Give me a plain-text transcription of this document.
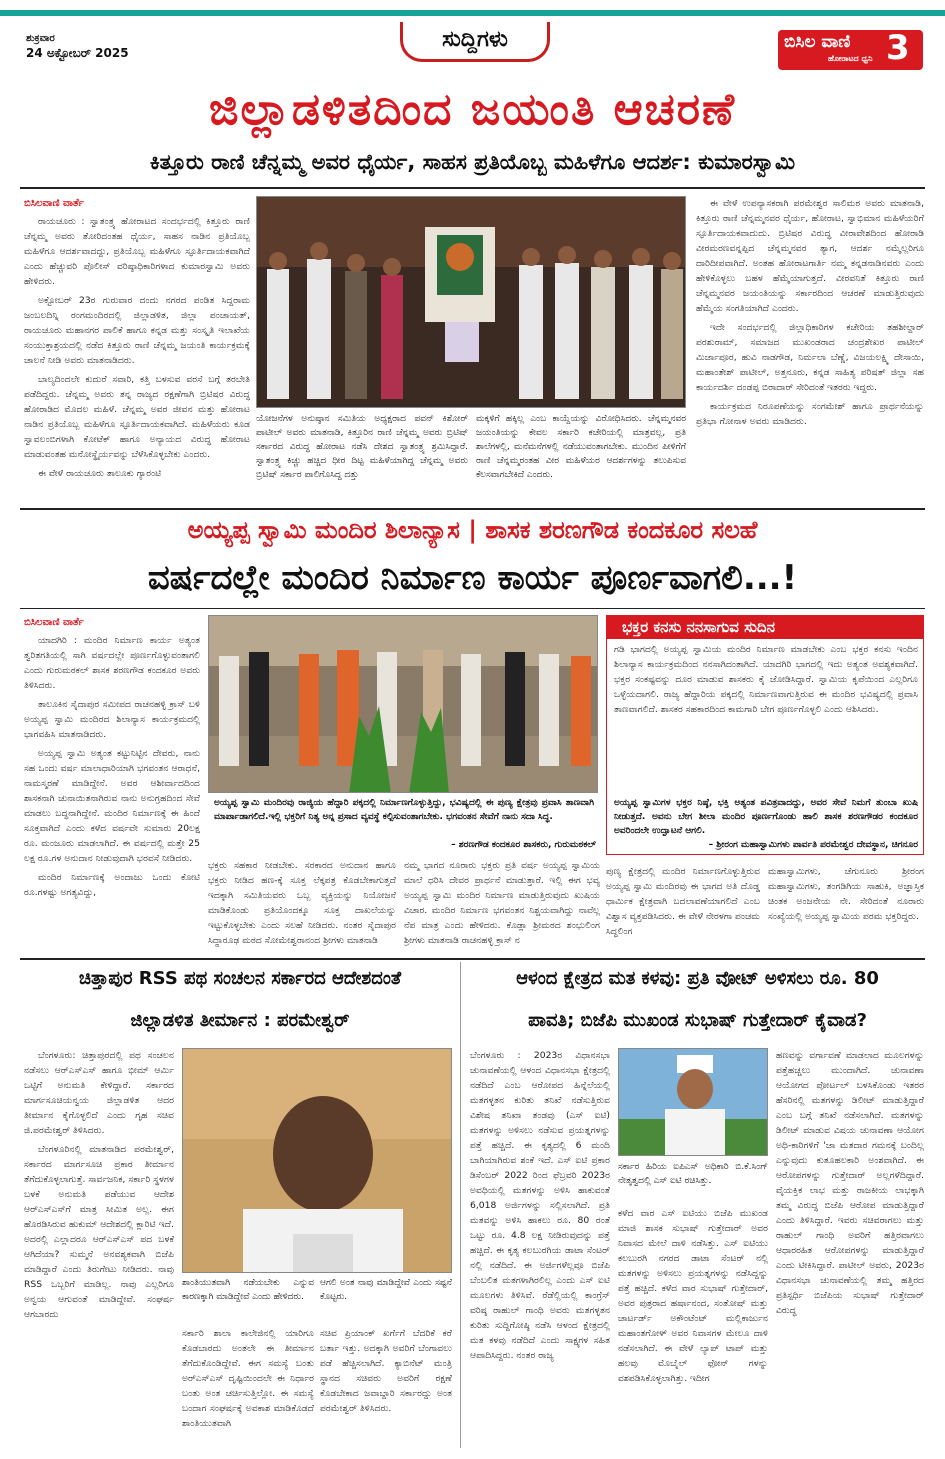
ಶುಕ್ರವಾರ
24 ಅಕ್ಟೋಬರ್ 2025
ಸುದ್ದಿಗಳು	ಬಿಸಿಲ ವಾಣಿ
ಹೋರಾಟದ ಧ್ವನಿ 3
ಜಿಲ್ಲಾಡಳಿತದಿಂದ ಜಯಂತಿ ಆಚರಣೆ
ಕಿತ್ತೂರು ರಾಣಿ ಚೆನ್ನಮ್ಮ ಅವರ ಧೈರ್ಯ, ಸಾಹಸ ಪ್ರತಿಯೊಬ್ಬ ಮಹಿಳೆಗೂ ಆದರ್ಶ: ಕುಮಾರಸ್ವಾಮಿ
ಬಿಸಿಲವಾಣಿ ವಾರ್ತೆ

ರಾಯಚೂರು : ಸ್ವಾತಂತ್ರ್ಯ ಹೋರಾಟದ ಸಂದರ್ಭದಲ್ಲಿ ಕಿತ್ತೂರು ರಾಣಿ ಚೆನ್ನಮ್ಮ ಅವರು ತೋರಿದಂತಹ ಧೈರ್ಯ, ಸಾಹಸ ನಾಡಿನ ಪ್ರತಿಯೊಬ್ಬ ಮಹಿಳೆಗೂ ಆದರ್ಶವಾದದ್ದು, ಪ್ರತಿಯೊಬ್ಬ ಮಹಿಳೆಗೂ ಸ್ಫೂರ್ತಿದಾಯಕವಾಗಿದೆ ಎಂದು ಹೆಚ್ಚುವರಿ ಪೊಲೀಸ್ ವರಿಷ್ಠಾಧಿಕಾರಿಗಳಾದ ಕುಮಾರಸ್ವಾಮಿ ಅವರು ಹೇಳಿದರು.

ಅಕ್ಟೋಬರ್ 23ರ ಗುರುವಾರ ದಂದು ನಗರದ ಪಂಡಿತ ಸಿದ್ದರಾಮ ಜಂಬಲದಿನ್ನಿ ರಂಗಮಂದಿರದಲ್ಲಿ ಜಿಲ್ಲಾಡಳಿತ, ಜಿಲ್ಲಾ ಪಂಚಾಯತ್, ರಾಯಚೂರು ಮಹಾನಗರ ಪಾಲಿಕೆ ಹಾಗೂ ಕನ್ನಡ ಮತ್ತು ಸಂಸ್ಕೃತಿ ಇಲಾಖೆಯ ಸಂಯುಕ್ತಾಶ್ರಯದಲ್ಲಿ ನಡೆದ ಕಿತ್ತೂರು ರಾಣಿ ಚೆನ್ನಮ್ಮ ಜಯಂತಿ ಕಾರ್ಯಕ್ರಮಕ್ಕೆ ಚಾಲನೆ ನೀಡಿ ಅವರು ಮಾತನಾಡಿದರು.

ಬಾಲ್ಯದಿಂದಲೇ ಕುದುರೆ ಸವಾರಿ, ಕತ್ತಿ ಬಳಸುವ ವರಸೆ ಬಗ್ಗೆ ತರಬೇತಿ ಪಡೆದಿದ್ದರು. ಚೆನ್ನಮ್ಮ ಅವರು ತನ್ನ ರಾಜ್ಯದ ರಕ್ಷಣೆಗಾಗಿ ಬ್ರಿಟಿಷರ ವಿರುದ್ಧ ಹೋರಾಡಿದ ಮೊದಲ ಮಹಿಳೆ. ಚೆನ್ನಮ್ಮ ಅವರ ಜೀವನ ಮತ್ತು ಹೋರಾಟ ನಾಡಿನ ಪ್ರತಿಯೊಬ್ಬ ಮಹಿಳೆಗೂ ಸ್ಫೂರ್ತಿದಾಯಕವಾಗಿದೆ. ಮಹಿಳೆಯರು ಕೂಡ ಸ್ವಾವಲಂಬಿಗಳಾಗಿ ಕೋಟೆಕ್ ಹಾಗೂ ಅನ್ಯಾಯದ ವಿರುದ್ಧ ಹೋರಾಟ ಮಾಡುವಂತಹ ಮನೋಸ್ಥೈರ್ಯವನ್ನು ಬೆಳೆಸಿಕೊಳ್ಳಬೇಕು ಎಂದರು.

ಈ ವೇಳೆ ರಾಯಚೂರು ತಾಲೂಕು ಗ್ಯಾರಂಟಿ

ಯೋಜನೆಗಳ ಅನುಷ್ಠಾನ ಸಮಿತಿಯ ಅಧ್ಯಕ್ಷರಾದ ಪವನ್ ಕಿಶೋರ್ ಪಾಟೀಲ್ ಅವರು ಮಾತನಾಡಿ, ಕಿತ್ತೂರಿನ ರಾಣಿ ಚೆನ್ನಮ್ಮ ಅವರು ಬ್ರಿಟಿಷ್ ಸರ್ಕಾರದ ವಿರುದ್ಧ ಹೋರಾಟ ನಡೆಸಿ ದೇಶದ ಸ್ವಾತಂತ್ರ್ಯ ಶ್ರಮಿಸಿದ್ದಾರೆ. ಸ್ವಾತಂತ್ರ್ಯ ಕಿಚ್ಚು ಹಚ್ಚಿದ ಧೀರ ದಿಟ್ಟ ಮಹಿಳೆಯಾಗಿದ್ದ ಚೆನ್ನಮ್ಮ ಅವರು ಬ್ರಿಟಿಷ್ ಸರ್ಕಾರ ಪಾಲಿಗೊಸಿದ್ದ ದತ್ತು
ಮಕ್ಕಳಿಗೆ ಹಕ್ಕಿಲ್ಲ ಎಂಬ ಕಾಯ್ದೆಯನ್ನು ವಿರೋಧಿಸಿದರು. ಚೆನ್ನಮ್ಮನವರ ಜಯಂತಿಯನ್ನು ಕೇವಲ ಸರ್ಕಾರಿ ಕಚೇರಿಯಲ್ಲಿ ಮಾತ್ರವಲ್ಲ, ಪ್ರತಿ ಶಾಲೆಗಳಲ್ಲಿ, ಮನೆಮನೆಗಳಲ್ಲಿ ನಡೆಯುವಂತಾಗಬೇಕು. ಮುಂದಿನ ಪೀಳಿಗೆಗೆ ರಾಣಿ ಚೆನ್ನಮ್ಮರಂತಹ ವೀರ ಮಹಿಳೆಯರ ಆದರ್ಶಗಳನ್ನು ತಲುಪಿಸುವ ಕೆಲಸವಾಗಬೇಕಿದೆ ಎಂದರು.

ಈ ವೇಳೆ ಉಪನ್ಯಾಸಕರಾಗಿ ಪರಮೇಶ್ವರ ಸಾಲಿಮಠ ಅವರು ಮಾತನಾಡಿ, ಕಿತ್ತೂರು ರಾಣಿ ಚೆನ್ನಮ್ಮನವರ ಧೈರ್ಯ, ಹೋರಾಟ, ಸ್ವಾಭಿಮಾನ ಮಹಿಳೆಯರಿಗೆ ಸ್ಫೂರ್ತಿದಾಯಕವಾದುದು. ಬ್ರಿಟಿಷರ ವಿರುದ್ಧ ವೀರಾವೇಶದಿಂದ ಹೋರಾಡಿ ವೀರಮರಣವನ್ನಪ್ಪಿದ ಚೆನ್ನಮ್ಮನವರ ತ್ಯಾಗ, ಆದರ್ಶ ನಮ್ಮೆಲ್ಲರಿಗೂ ದಾರಿದೀಪವಾಗಿದೆ. ಅಂತಹ ಹೋರಾಟಗಾರ್ತಿ ನಮ್ಮ ಕನ್ನಡನಾಡಿನವರು ಎಂದು ಹೇಳಿಕೊಳ್ಳಲು ಬಹಳ ಹೆಮ್ಮೆಯಾಗುತ್ತದೆ. ವೀರವನಿತೆ ಕಿತ್ತೂರು ರಾಣಿ ಚೆನ್ನಮ್ಮನವರ ಜಯಂತಿಯನ್ನು ಸರ್ಕಾರದಿಂದ ಆಚರಣೆ ಮಾಡುತ್ತಿರುವುದು ಹೆಮ್ಮೆಯ ಸಂಗತಿಯಾಗಿದೆ ಎಂದರು.

ಇದೇ ಸಂದರ್ಭದಲ್ಲಿ ಜಿಲ್ಲಾಧಿಕಾರಿಗಳ ಕಚೇರಿಯ ತಹಶೀಲ್ದಾರ್ ಪರಶುರಾಮ್, ಸಮಾಜದ ಮುಖಂಡರಾದ ಚಂದ್ರಶೇಖರ ಪಾಟೀಲ್ ಮಿರ್ಜಾಪೂರ, ಹುವಿ ನಾಡಗೌಡ, ನಿರ್ಮಲಾ ಬೆಣ್ಣೆ, ವಿಜಯಲಕ್ಷ್ಮಿ ದೇಸಾಯಿ, ಮಹಾಂತೇಶ್ ಪಾಟೀಲ್, ಅತ್ತನೂರು, ಕನ್ನಡ ಸಾಹಿತ್ಯ ಪರಿಷತ್ ಜಿಲ್ಲಾ ಸಹ ಕಾರ್ಯದರ್ಶಿ ದಂಡಪ್ಪ ಬಿರಾದಾರ್ ಸೇರಿದಂತೆ ಇತರರು ಇದ್ದರು.

ಕಾರ್ಯಕ್ರಮದ ನಿರೂಪಣೆಯನ್ನು ಸಂಗಮೇಶ್ ಹಾಗೂ ಪ್ರಾರ್ಥನೆಯನ್ನು ಪ್ರತಿಭಾ ಗೋನಾಳ ಅವರು ಮಾಡಿದರು.

ಅಯ್ಯಪ್ಪ ಸ್ವಾಮಿ ಮಂದಿರ ಶಿಲಾನ್ಯಾಸ | ಶಾಸಕ ಶರಣಗೌಡ ಕಂದಕೂರ ಸಲಹೆ
ವರ್ಷದಲ್ಲೇ ಮಂದಿರ ನಿರ್ಮಾಣ ಕಾರ್ಯ ಪೂರ್ಣವಾಗಲಿ...!
ಬಿಸಿಲವಾಣಿ ವಾರ್ತೆ

ಯಾದಗಿರಿ : ಮಂದಿರ ನಿರ್ಮಾಣ ಕಾರ್ಯ ಅತ್ಯಂತ ತ್ವರಿತಗತಿಯಲ್ಲಿ ಸಾಗಿ ವರ್ಷದಲ್ಲೇ ಪೂರ್ಣಗೊಳ್ಳುವಂತಾಗಲಿ ಎಂದು ಗುರುಮಠಕಲ್ ಶಾಸಕ ಶರಣಗೌಡ ಕಂದಕೂರ ಅವರು ತಿಳಿಸಿದರು.

ತಾಲೂಕಿನ ಸೈದಾಪುರ ಸಮೀಪದ ರಾಚನಹಳ್ಳಿ ಕ್ರಾಸ್ ಬಳಿ ಅಯ್ಯಪ್ಪ ಸ್ವಾಮಿ ಮಂದಿರದ ಶಿಲಾನ್ಯಾಸ ಕಾರ್ಯಕ್ರಮದಲ್ಲಿ ಭಾಗವಹಿಸಿ ಮಾತನಾಡಿದರು.

ಅಯ್ಯಪ್ಪ ಸ್ವಾಮಿ ಅತ್ಯಂತ ಕಟ್ಟುನಿಟ್ಟಿನ ದೇವರು, ನಾನು ಸಹ ಒಂದು ವರ್ಷ ಮಾಲಾಧಾರಿಯಾಗಿ ಭಗವಂತನ ಆರಾಧನೆ, ನಾಮಸ್ಮರಣೆ ಮಾಡಿದ್ದೇನೆ. ಅವರ ಆಶೀರ್ವಾದದಿಂದ ಶಾಸಕನಾಗಿ ಚುನಾಯಿತನಾಗಿರುವ ನಾನು ಅನುಗ್ರಹದಿಂದ ಸೇವೆ ಮಾಡಲು ಬದ್ಧನಾಗಿದ್ದೇನೆ. ಮಂದಿರ ನಿರ್ಮಾಣಕ್ಕೆ ಈ ಹಿಂದೆ ಸೂಕ್ತವಾಗಿದೆ ಎಂದು ಕಳೆದ ವರ್ಷವೇ ಸುಮಾರು 20ಲಕ್ಷ ರೂ. ಮಂಜೂರು ಮಾಡಲಾಗಿದೆ. ಈ ವರ್ಷದಲ್ಲಿ ಮತ್ತೇ 25 ಲಕ್ಷ ರೂ.ಗಳ ಅನುದಾನ ನೀಡುವುದಾಗಿ ಭರವಸೆ ನೀಡಿದರು.

ಮಂದಿರ ನಿರ್ಮಾಣಕ್ಕೆ ಅಂದಾಜು ಒಂದು ಕೋಟಿ ರೂ.ಗಳಷ್ಟು ಅಗತ್ಯವಿದ್ದು,

ಅಯ್ಯಪ್ಪ ಸ್ವಾಮಿ ಮಂದಿರವು ರಾಜ್ಯಿಯ ಹೆದ್ದಾರಿ ಪಕ್ಕದಲ್ಲಿ ನಿರ್ಮಾಣಗೊಳ್ಳುತ್ತಿದ್ದು, ಭವಿಷ್ಯದಲ್ಲಿ ಈ ಪುಣ್ಯ ಕ್ಷೇತ್ರವು ಪ್ರವಾಸಿ ತಾಣವಾಗಿ ಮಾರ್ಪಾಡಾಗಲಿದೆ.ಇಲ್ಲಿ ಭಕ್ತರಿಗೆ ನಿತ್ಯ ಅನ್ನ ಪ್ರಸಾದ ವ್ಯವಸ್ಥೆ ಕಲ್ಪಿಸುವಂತಾಗಬೇಕು. ಭಗವಂತನ ಸೇವೆಗೆ ನಾನು ಸದಾ ಸಿದ್ಧ.
– ಶರಣಗೌಡ ಕಂದಕೂರ ಶಾಸಕರು, ಗುರುಮಠಕಲ್
ಭಕ್ತರು ಸಹಕಾರ ನೀಡಬೇಕು. ಸರಕಾರದ ಅನುದಾನ ಹಾಗೂ ಭಕ್ತರು ನೀಡಿದ ಹಣ-ಕ್ಕೆ ಸೂಕ್ತ ಲೆಕ್ಕಪತ್ರ ಕೊಡಬೇಕಾಗುತ್ತದೆ ಇದಕ್ಕಾಗಿ ಸಮಿತಿಯವರು ಒಬ್ಬ ವ್ಯಕ್ತಿಯನ್ನು ನಿಯೋಜನೆ ಮಾಡಿಕೊಂಡು ಪ್ರತಿಯೊಂದಕ್ಕೂ ಸೂಕ್ತ ದಾಖಲೆಯನ್ನು ಇಟ್ಟುಕೊಳ್ಳಬೇಕು ಎಂದು ಸಲಹೆ ನೀಡಿದರು. ನಂತರ ಸೈದಾಪುರ ಸಿದ್ಧಾರೂಢ ಮಠದ ಸೋಮೇಶ್ವರಾನಂದ ಶ್ರೀಗಳು ಮಾತನಾಡಿ
ನಮ್ಮ ಭಾಗದ ನೂರಾರು ಭಕ್ತರು ಪ್ರತಿ ವರ್ಷ ಅಯ್ಯಪ್ಪ ಸ್ವಾಮಿಯ ಮಾಲೆ ಧರಿಸಿ ದೇವರ ಪ್ರಾರ್ಥನೆ ಮಾಡುತ್ತಾರೆ. ಇಲ್ಲಿ ಈಗ ಭವ್ಯ ಅಯ್ಯಪ್ಪ ಸ್ವಾಮಿ ಮಂದಿರ ನಿರ್ಮಾಣ ಮಾಡುತ್ತಿರುವುದು ಖುಷಿಯ ವಿಚಾರ. ಮಂದಿರ ನಿರ್ಮಾಣ ಭಗವಂತನ ನಿಶ್ಚಯವಾಗಿದ್ದು ನಾವೆಲ್ಲ ನೆಪ ಮಾತ್ರ ಎಂದು ಹೇಳಿದರು. ಕೊಡ್ಲಾ ಶ್ರೀಮಠದ ಶಂಭುಲಿಂಗ ಶ್ರೀಗಳು ಮಾತನಾಡಿ ರಾಚನಹಳ್ಳಿ ಕ್ರಾಸ್ ನ
ಭಕ್ತರ ಕನಸು ನನಸಾಗುವ ಸುದಿನ
ಗಡಿ ಭಾಗದಲ್ಲಿ ಅಯ್ಯಪ್ಪ ಸ್ವಾಮಿಯ ಮಂದಿರ ನಿರ್ಮಾಣ ಮಾಡಬೇಕು ಎಂಬ ಭಕ್ತರ ಕನಸು ಇಂದಿನ ಶಿಲಾನ್ಯಾಸ ಕಾರ್ಯಕ್ರಮದಿಂದ ನನಸಾಗಿದಂತಾಗಿದೆ. ಯಾದಗಿರಿ ಭಾಗದಲ್ಲಿ ಇದು ಅತ್ಯಂತ ಅವಶ್ಯಕವಾಗಿದೆ. ಭಕ್ತರ ಸಂಕಷ್ಟವನ್ನು ದೂರ ಮಾಡುವ ಶಾಸಕರು ಕೈ ಜೋಡಿಸಿದ್ದಾರೆ. ಸ್ವಾಮಿಯ ಕೃಪೆಯಿಂದ ಎಲ್ಲರಿಗೂ ಒಳ್ಳೆಯದಾಗಲಿ. ರಾಜ್ಯ ಹೆದ್ದಾರಿಯ ಪಕ್ಕದಲ್ಲಿ ನಿರ್ಮಾಣವಾಗುತ್ತಿರುವ ಈ ಮಂದಿರ ಭವಿಷ್ಯದಲ್ಲಿ ಪ್ರವಾಸಿ ತಾಣವಾಗಲಿದೆ. ಶಾಸಕರ ಸಹಕಾರದಿಂದ ಕಾಮಗಾರಿ ಬೇಗ ಪೂರ್ಣಗೊಳ್ಳಲಿ ಎಂದು ಆಶಿಸಿದರು.
ಅಯ್ಯಪ್ಪ ಸ್ವಾಮಿಗಳ ಭಕ್ತರ ನಿಷ್ಠೆ, ಭಕ್ತಿ ಅತ್ಯಂತ ಪವಿತ್ರವಾದದ್ದು, ಅವರ ಸೇವೆ ನಿಮಗೆ ತುಂಬಾ ಖುಷಿ ನೀಡುತ್ತದೆ. ಅವನು ಬೇಗ ಶೀಲಾ ಮಂದಿರ ಪೂರ್ಣಗೊಂಡು ಹಾಲಿ ಶಾಸಕ ಶರಣಗೌಡರ ಕಂದಕೂರ ಅವರಿಂದಲೇ ಉದ್ಘಾಟನೆ ಆಗಲಿ.
– ಶ್ರೀರಂಗ ಮಹಾಸ್ವಾಮಿಗಳು ಪಾರ್ವತಿ ಪರಮೇಶ್ವರ ದೇವಸ್ಥಾನ, ಚಿಗನೂರ
ಪುಣ್ಯ ಕ್ಷೇತ್ರದಲ್ಲಿ ಮಂದಿರ ನಿರ್ಮಾಣಗೊಳ್ಳುತ್ತಿರುವ ಅಯ್ಯಪ್ಪ ಸ್ವಾಮಿ ಮಂದಿರವು ಈ ಭಾಗದ ಅತಿ ದೊಡ್ಡ ಧಾರ್ಮಿಕ ಕ್ಷೇತ್ರವಾಗಿ ಬದಲಾವಣೆಯಾಗಲಿದೆ ಎಂಬ ವಿಶ್ವಾಸ ವ್ಯಕ್ತಪಡಿಸಿದರು. ಈ ವೇಳೆ ನೇರಳಗಾ ಪಂಚಮ ಸಿದ್ಧಲಿಂಗ
ಮಹಾಸ್ವಾಮಿಗಳು, ಚೆಗುನೂರು ಶ್ರೀರಂಗ ಮಹಾಸ್ವಾಮಿಗಳು, ತಂಗಡಿಗಿಯ ಸಾಹುಕಿ, ಅಜ್ಞಾಸ್ತಿಕ ಚಿಂತಕ ಅಂಜನೇಯ ನೇ. ಸೇರಿದಂತೆ ನೂರಾರು ಸಂಖ್ಯೆಯಲ್ಲಿ ಅಯ್ಯಪ್ಪ ಸ್ವಾಮಿಯ ಪರಮ ಭಕ್ತರಿದ್ದರು.
ಚಿತ್ತಾಪುರ RSS ಪಥ ಸಂಚಲನ ಸರ್ಕಾರದ ಆದೇಶದಂತೆ
ಜಿಲ್ಲಾಡಳಿತ ತೀರ್ಮಾನ : ಪರಮೇಶ್ವರ್

ಬೆಂಗಳೂರು: ಚಿತ್ತಾಪುರದಲ್ಲಿ ಪಥ ಸಂಚಲನ ನಡೆಸಲು ಆರ್‌ಎಸ್‌ಎಸ್ ಹಾಗೂ ಭೀಮ್ ಆರ್ಮಿ ಒಟ್ಟಿಗೆ ಅನುಮತಿ ಕೇಳಿದ್ದಾರೆ. ಸರ್ಕಾರದ ಮಾರ್ಗಸೂಚಿಯನ್ವಯ ಜಿಲ್ಲಾಡಳಿತ ಆದರ ತೀರ್ಮಾನ ಕೈಗೊಳ್ಳಲಿದೆ ಎಂದು ಗೃಹ ಸಚಿವ ಜಿ.ಪರಮೇಶ್ವರ್ ತಿಳಿಸಿದರು.

ಬೆಂಗಳೂರಿನಲ್ಲಿ ಮಾತನಾಡಿದ ಪರಮೇಶ್ವರ್, ಸರ್ಕಾರದ ಮಾರ್ಗಸೂಚಿ ಪ್ರಕಾರ ತೀರ್ಮಾನ ತೆಗೆದುಕೊಳ್ಳಲಾಗುತ್ತೆ. ಸಾರ್ವಜನಿಕ, ಸರ್ಕಾರಿ ಸ್ಥಳಗಳ ಬಳಕೆ ಅನುಮತಿ ಪಡೆಯುವ ಆದೇಶ ಆರ್‌ಎಸ್‌ಎಸ್‌ಗೆ ಮಾತ್ರ ಸೀಮಿತ ಅಲ್ಲ. ಈಗ ಹೊರಡಿಸಿರುವ ಹುಕುಮ್ ಆದೇಶದಲ್ಲಿ ಕ್ಲಾರಿಟಿ ಇದೆ. ಅದರಲ್ಲಿ ಎಲ್ಲಾದರೂ ಆರ್‌ಎಸ್‌ಎಸ್ ಪದ ಬಳಕೆ ಆಗಿದೆಯಾ? ಸುಮ್ಮನೆ ಅನವಶ್ಯಕವಾಗಿ ಬಿಜೆಪಿ ಮಾಡಿದ್ದಾರೆ ಎಂದು ತಿರುಗೇಟು ನೀಡಿದರು. ನಾವು RSS ಒಬ್ಬರಿಗೆ ಮಾಡಿಲ್ಲ. ನಾವು ಎಲ್ಲರಿಗೂ ಅನ್ವಯ ಆಗುವಂತೆ ಮಾಡಿದ್ದೇವೆ. ಸಂಘರ್ಷ ಆಗಬಾರದು

ಶಾಂತಿಯುತವಾಗಿ ನಡೆಯಬೇಕು ಎನ್ನುವ ಕಾರಣಕ್ಕಾಗಿ ಮಾಡಿದ್ದೇವೆ ಎಂದು ಹೇಳಿದರು.
ಆಗಲಿ ಅಂತ ನಾವು ಮಾಡಿದ್ದೇವೆ ಎಂದು ಸಷ್ಟನೆ ಕೊಟ್ಟರು.
ಸರ್ಕಾರಿ ಶಾಲಾ ಕಾಲೇಜಿನಲ್ಲಿ ಯಾರಿಗೂ ಕೊಡಬಾರದು ಅಂತಲೇ ಈ ತೀರ್ಮಾನ ತೆಗೆದುಕೊಂಡಿದ್ದೇವೆ. ಈಗ ಸಮಸ್ಯೆ ಬಂತು ಅರ್‌ಎಸ್‌ಎಸ್ ದೃಷ್ಟಿಯಿಂದಲೇ ಈ ನಿರ್ಧಾರ ಬಂತು ಅಂತ ಚರ್ಚಿಸುತ್ತಿಲ್ಲೋ. ಈ ಸಮಸ್ಯೆ ಬಂದಾಗ ಸಂಘರ್ಷಕ್ಕೆ ಅವಕಾಶ ಮಾಡಿಕೊಡದೆ ಶಾಂತಿಯುತವಾಗಿ
ಸಚಿವ ಪ್ರಿಯಾಂಕ್ ಖರ್ಗೆಗೆ ಬೆದರಿಕೆ ಕರೆ ಬರ್ತಾ ಇತ್ತು. ಅದಕ್ಕಾಗಿ ಅವರಿಗೆ ಬೆಂಗಾವಲು ಪಡೆ ಹೆಚ್ಚಿಸಲಾಗಿದೆ. ಕ್ಯಾಬಿನೆಟ್ ಮಂತ್ರಿ ಸ್ಥಾನದ ಸಚಿವರು ಅವರಿಗೆ ರಕ್ಷಣೆ ಕೊಡಬೇಕಾದ ಜವಾಬ್ದಾರಿ ಸರ್ಕಾರದ್ದು ಅಂತ ಪರಮೇಶ್ವರ್ ತಿಳಿಸಿದರು.
ಆಳಂದ ಕ್ಷೇತ್ರದ ಮತ ಕಳವು: ಪ್ರತಿ ವೋಟ್ ಅಳಿಸಲು ರೂ. 80
ಪಾವತಿ; ಬಿಜೆಪಿ ಮುಖಂಡ ಸುಭಾಷ್ ಗುತ್ತೇದಾರ್ ಕೈವಾಡ?
ಬೆಂಗಳೂರು : 2023ರ ವಿಧಾನಸಭಾ ಚುನಾವಣೆಯಲ್ಲಿ ಆಳಂದ ವಿಧಾನಸಭಾ ಕ್ಷೇತ್ರದಲ್ಲಿ ನಡೆದಿದೆ ಎಂಬ ಆರೋಪದ ಹಿನ್ನೆಲೆಯಲ್ಲಿ ಮತಗಳ್ಳತನ ಕುರಿತು ತನಿಖೆ ನಡೆಸುತ್ತಿರುವ ವಿಶೇಷ ತನಿಖಾ ತಂಡವು (ಎಸ್ ಐಟಿ) ಮತಗಳನ್ನು ಅಳಿಸಲು ನಡೆಸುವ ಪ್ರಯತ್ನಗಳನ್ನು ಪತ್ತೆ ಹಚ್ಚಿದೆ. ಈ ಕೃತ್ಯದಲ್ಲಿ 6 ಮಂದಿ ಬಾಗಿಯಾಗಿರುವ ಶಂಕೆ ಇದೆ. ಎಸ್ ಐಟಿ ಪ್ರಕಾರ ಡಿಸೆಂಬರ್ 2022 ರಿಂದ ಫೆಬ್ರವರಿ 2023ರ ಅವಧಿಯಲ್ಲಿ ಮತಗಳನ್ನು ಅಳಿಸಿ ಹಾಕುವಂತೆ 6,018 ಅರ್ಜಿಗಳನ್ನು ಸಲ್ಲಿಸಲಾಗಿದೆ. ಪ್ರತಿ ಮತವನ್ನು ಅಳಿಸಿ ಹಾಕಲು ರೂ. 80 ರಂತೆ ಒಟ್ಟು ರೂ. 4.8 ಲಕ್ಷ ನೀಡಿರುವುದನ್ನು ಪತ್ತೆ ಹಚ್ಚಿದೆ. ಈ ಕೃತ್ಯ ಕಲಬುರಗಿಯ ಡಾಟಾ ಸೆಂಟರ್ ನಲ್ಲಿ ನಡೆದಿದೆ. ಈ ಅರ್ಜಿಗಳೆಲ್ಲವೂ ಬಿಜೆಪಿ ಬೆಂಬಲಿತ ಮತಗಳಾಗಿರಲಿಲ್ಲ ಎಂದು ಎಸ್ ಐಟಿ ಮೂಲಗಳು ತಿಳಿಸಿವೆ. ರೆಡೆಲ್ಲಿಯಲ್ಲಿ ಕಾಂಗ್ರೆಸ್ ವರಿಷ್ಠ ರಾಹುಲ್ ಗಾಂಧಿ ಅವರು ಮತಗಳ್ಳತನ ಕುರಿತು ಸುದ್ದಿಗೋಷ್ಠಿ ನಡೆಸಿ ಆಳಂದ ಕ್ಷೇತ್ರದಲ್ಲಿ ಮತ ಕಳವು ನಡೆದಿದೆ ಎಂದು ಸಾಕ್ಷ್ಯಗಳ ಸಹಿತ ಆಪಾದಿಸಿದ್ದರು. ನಂತರ ರಾಜ್ಯ
ಸರ್ಕಾರ ಹಿರಿಯ ಐಪಿಎಸ್ ಅಧಿಕಾರಿ ಬಿ.ಕೆ.ಸಿಂಗ್ ನೇತೃತ್ವದಲ್ಲಿ ಎಸ್ ಐಟಿ ರಚಿಸಿತ್ತು.
ಕಳೆದ ವಾರ ಎಸ್ ಐಟಿಯು ಬಿಜೆಪಿ ಮುಖಂಡ ಮಾಜಿ ಶಾಸಕ ಸುಭಾಷ್ ಗುತ್ತೇದಾರ್ ಅವರ ನಿವಾಸದ ಮೇಲೆ ದಾಳಿ ನಡೆಸಿತ್ತು. ಎಸ್ ಐಟಿಯು ಕಲಬುರಗಿ ನಗರದ ಡಾಟಾ ಸೆಂಟರ್ ನಲ್ಲಿ ಮತಗಳನ್ನು ಅಳಿಸಲು ಪ್ರಯತ್ನಗಳನ್ನು ನಡೆಸಿದ್ದನ್ನು ಪತ್ತೆ ಹಚ್ಚಿದೆ. ಕಳೆದ ವಾರ ಸುಭಾಷ್ ಗುತ್ತೇದಾರ್, ಅವರ ಪುತ್ರರಾದ ಹರ್ಷಾನಂದ, ಸಂತೋಷ್ ಮತ್ತು ಚಾರ್ಟರ್ಡ್ ಅಕೌಂಟೆಂಟ್ ಮಲ್ಲಿಕಾರ್ಜುನ ಮಹಾಂತಗೋಳ್ ಅವರ ನಿವಾಸಗಳ ಮೇಲೂ ದಾಳಿ ನಡೆಸಲಾಗಿದೆ. ಈ ವೇಳೆ ಲ್ಯಾಪ್ ಟಾಪ್ ಮತ್ತು ಹಲವು ಮೊಬೈಲ್ ಫೋನ್ ಗಳನ್ನು ವಶಪಡಿಸಿಕೊಳ್ಳಲಾಗಿತ್ತು. ಇದೀಗ
ಹಣವನ್ನು ವರ್ಗಾವಣೆ ಮಾಡಲಾದ ಮೂಲಗಳನ್ನು ಪತ್ತೆಹಚ್ಚಲು ಮುಂದಾಗಿದೆ. ಚುನಾವಣಾ ಆಯೋಗದ ಪೋರ್ಟಲ್ ಬಳಸಿಕೊಂಡು ಇತರರ ಹೆಸರಿನಲ್ಲಿ ಮತಗಳನ್ನು ಡಿಲೀಟ್ ಮಾಡುತ್ತಿದ್ದಾರೆ ಎಂಬ ಬಗ್ಗೆ ತನಿಖೆ ನಡೆಸಲಾಗಿದೆ. ಮತಗಳನ್ನು ಡಿಲೀಟ್ ಮಾಡುವ ವಿಷಯ ಚುನಾವಣಾ ಆಯೋಗ ಅಧಿ-ಕಾರಿಗಳಿಗೆ 'ಜಾ ಮತದಾರ ಗಮನಕ್ಕೆ ಬಂದಿಲ್ಲ ಎನ್ನುವುದು ಕುತೂಹಲಕಾರಿ ಅಂಶವಾಗಿದೆ. ಈ ಆರೋಪಗಳನ್ನು ಗುತ್ತೇದಾರ್ ಅಲ್ಲಗಳೆದಿದ್ದಾರೆ. ವೈಯಕ್ತಿಕ ಲಾಭ ಮತ್ತು ರಾಜಕೀಯ ಲಾಭಕ್ಕಾಗಿ ತಮ್ಮ ವಿರುದ್ಧ ಬಿಜೆಪಿ ಆರೋಪ ಮಾಡುತ್ತಿದ್ದಾರೆ ಎಂದು ತಿಳಿಸಿದ್ದಾರೆ. ಇವರು ಸಚಿವರಾಗಲು ಮತ್ತು ರಾಹುಲ್ ಗಾಂಧಿ ಅವರಿಗೆ ಹತ್ತಿರವಾಗಲು ಆಧಾರರಹಿತ ಆರೋಪಗಳನ್ನು ಮಾಡುತ್ತಿದ್ದಾರೆ ಎಂದು ಟೀಕಿಸಿದ್ದಾರೆ. ಪಾಟೀಲ್ ಅವರು, 2023ರ ವಿಧಾನಸಭಾ ಚುನಾವಣೆಯಲ್ಲಿ ತಮ್ಮ ಹತ್ತಿರದ ಪ್ರತಿಸ್ಪರ್ಧಿ ಬಿಜೆಪಿಯ ಸುಭಾಷ್ ಗುತ್ತೇದಾರ್ ವಿರುದ್ಧ
